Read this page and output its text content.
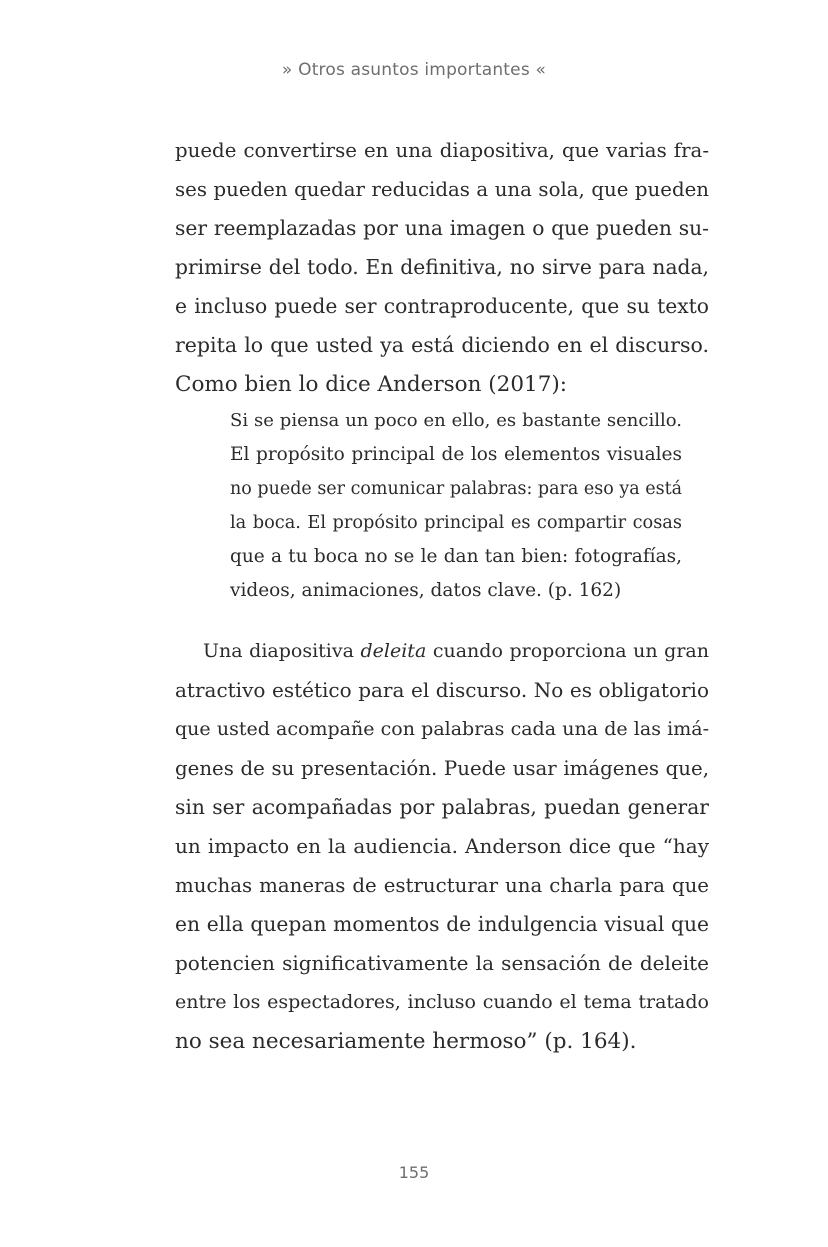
» Otros asuntos importantes «
puede convertirse en una diapositiva, que varias fra-
ses pueden quedar reducidas a una sola, que pueden
ser reemplazadas por una imagen o que pueden su-
primirse del todo. En definitiva, no sirve para nada,
e incluso puede ser contraproducente, que su texto
repita lo que usted ya está diciendo en el discurso.
Como bien lo dice Anderson (2017):
Si se piensa un poco en ello, es bastante sencillo.
El propósito principal de los elementos visuales
no puede ser comunicar palabras: para eso ya está
la boca. El propósito principal es compartir cosas
que a tu boca no se le dan tan bien: fotografías,
videos, animaciones, datos clave. (p. 162)
Una diapositiva deleita cuando proporciona un gran
atractivo estético para el discurso. No es obligatorio
que usted acompañe con palabras cada una de las imá-
genes de su presentación. Puede usar imágenes que,
sin ser acompañadas por palabras, puedan generar
un impacto en la audiencia. Anderson dice que “hay
muchas maneras de estructurar una charla para que
en ella quepan momentos de indulgencia visual que
potencien significativamente la sensación de deleite
entre los espectadores, incluso cuando el tema tratado
no sea necesariamente hermoso” (p. 164).
155
